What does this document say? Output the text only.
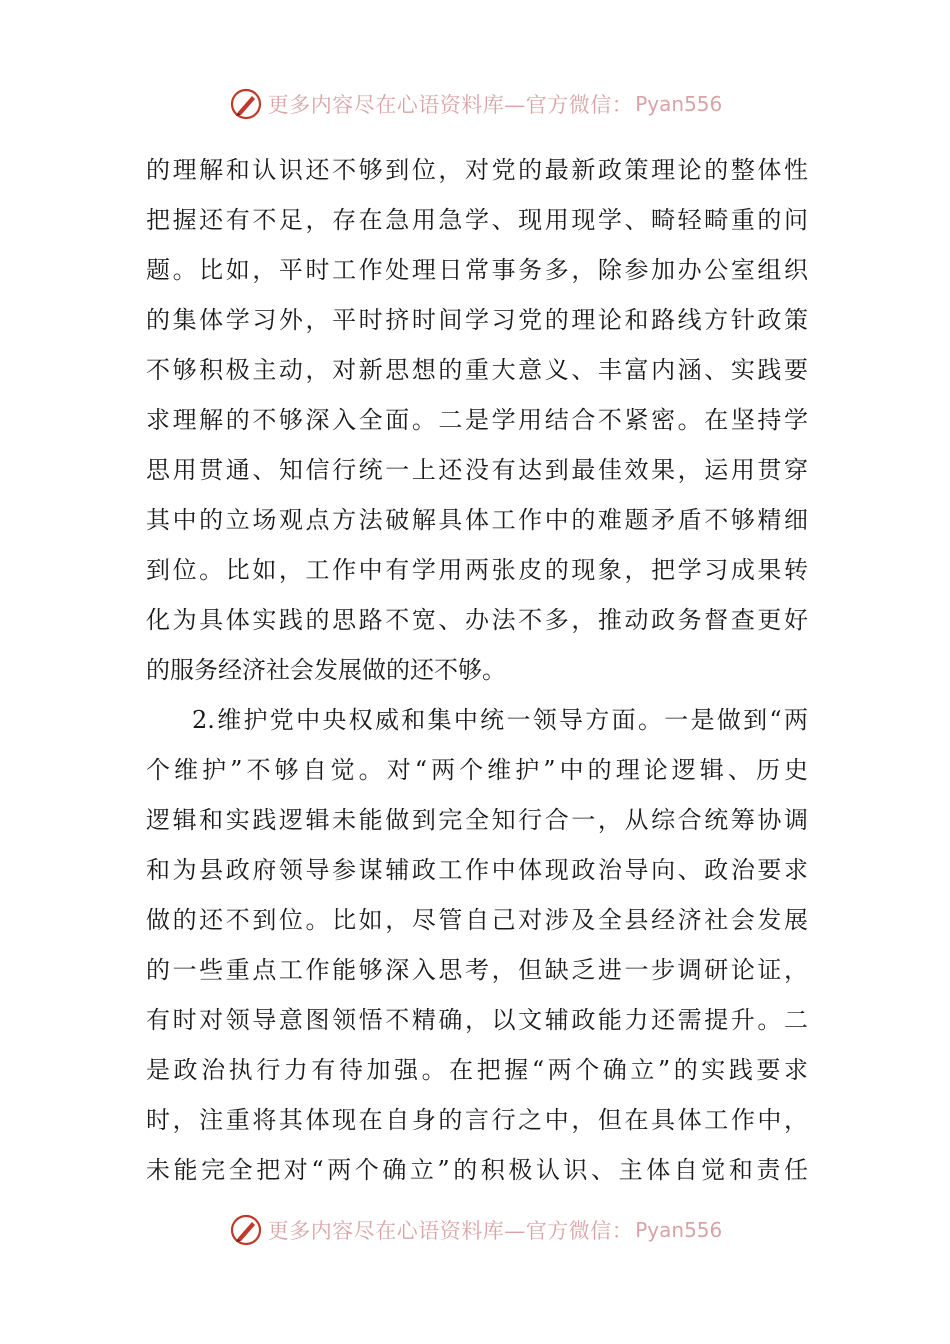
更多内容尽在心语资料库—官方微信： Pyan556
的理解和认识还不够到位，对党的最新政策理论的整体性
把握还有不足，存在急用急学、现用现学、畸轻畸重的问
题。比如，平时工作处理日常事务多，除参加办公室组织
的集体学习外，平时挤时间学习党的理论和路线方针政策
不够积极主动，对新思想的重大意义、丰富内涵、实践要
求理解的不够深入全面。二是学用结合不紧密。在坚持学
思用贯通、知信行统一上还没有达到最佳效果，运用贯穿
其中的立场观点方法破解具体工作中的难题矛盾不够精细
到位。比如，工作中有学用两张皮的现象，把学习成果转
化为具体实践的思路不宽、办法不多，推动政务督查更好
的服务经济社会发展做的还不够。
2.维护党中央权威和集中统一领导方面。一是做到“两
个维护”不够自觉。对“两个维护”中的理论逻辑、历史
逻辑和实践逻辑未能做到完全知行合一，从综合统筹协调
和为县政府领导参谋辅政工作中体现政治导向、政治要求
做的还不到位。比如，尽管自己对涉及全县经济社会发展
的一些重点工作能够深入思考，但缺乏进一步调研论证，
有时对领导意图领悟不精确，以文辅政能力还需提升。二
是政治执行力有待加强。在把握“两个确立”的实践要求
时，注重将其体现在自身的言行之中，但在具体工作中，
未能完全把对“两个确立”的积极认识、主体自觉和责任
更多内容尽在心语资料库—官方微信： Pyan556
